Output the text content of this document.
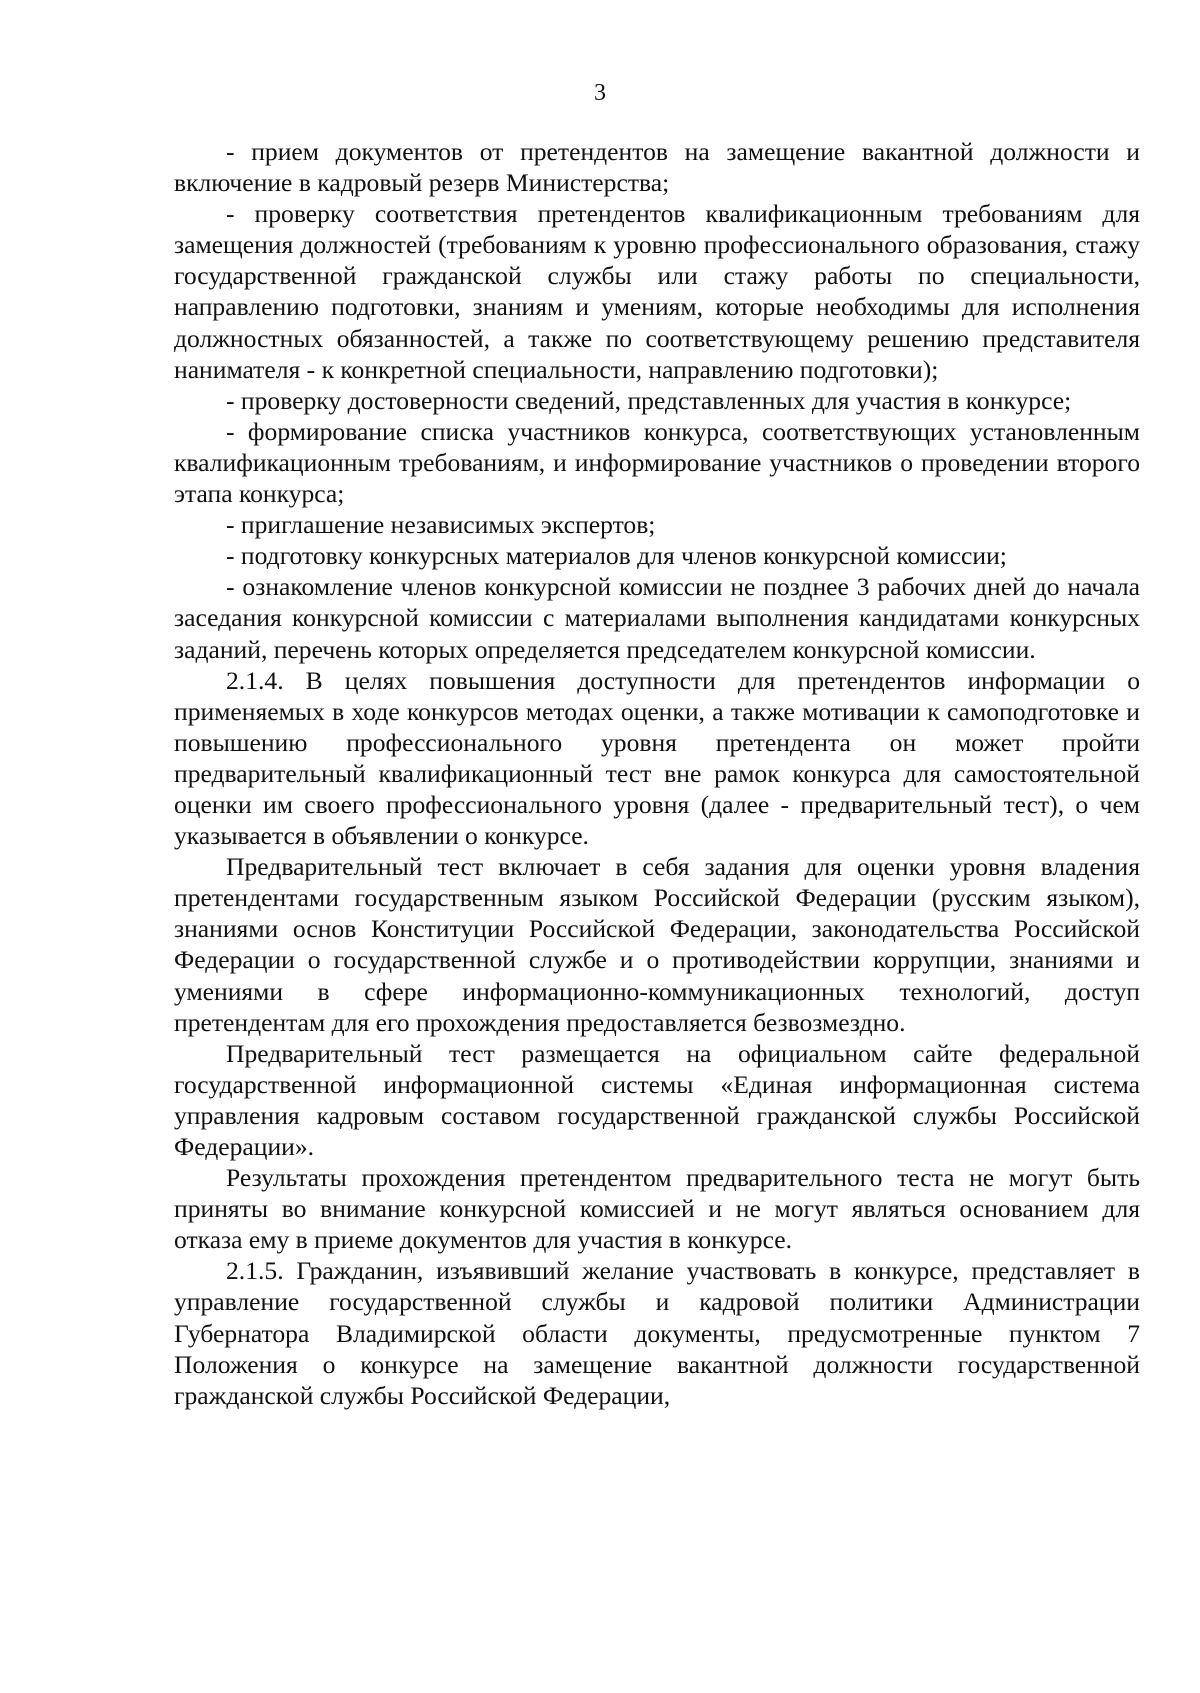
3

- прием документов от претендентов на замещение вакантной должности и включение в кадровый резерв Министерства;

- проверку соответствия претендентов квалификационным требованиям для замещения должностей (требованиям к уровню профессионального образования, стажу государственной гражданской службы или стажу работы по специальности, направлению подготовки, знаниям и умениям, которые необходимы для исполнения должностных обязанностей, а также по соответствующему решению представителя нанимателя - к конкретной специальности, направлению подготовки);

- проверку достоверности сведений, представленных для участия в конкурсе;

- формирование списка участников конкурса, соответствующих установленным квалификационным требованиям, и информирование участников о проведении второго этапа конкурса;

- приглашение независимых экспертов;

- подготовку конкурсных материалов для членов конкурсной комиссии;

- ознакомление членов конкурсной комиссии не позднее 3 рабочих дней до начала заседания конкурсной комиссии с материалами выполнения кандидатами конкурсных заданий, перечень которых определяется председателем конкурсной комиссии.

2.1.4. В целях повышения доступности для претендентов информации о применяемых в ходе конкурсов методах оценки, а также мотивации к самоподготовке и повышению профессионального уровня претендента он может пройти предварительный квалификационный тест вне рамок конкурса для самостоятельной оценки им своего профессионального уровня (далее - предварительный тест), о чем указывается в объявлении о конкурсе.

Предварительный тест включает в себя задания для оценки уровня владения претендентами государственным языком Российской Федерации (русским языком), знаниями основ Конституции Российской Федерации, законодательства Российской Федерации о государственной службе и о противодействии коррупции, знаниями и умениями в сфере информационно-коммуникационных технологий, доступ претендентам для его прохождения предоставляется безвозмездно.

Предварительный тест размещается на официальном сайте федеральной государственной информационной системы «Единая информационная система управления кадровым составом государственной гражданской службы Российской Федерации».

Результаты прохождения претендентом предварительного теста не могут быть приняты во внимание конкурсной комиссией и не могут являться основанием для отказа ему в приеме документов для участия в конкурсе.

2.1.5. Гражданин, изъявивший желание участвовать в конкурсе, представляет в управление государственной службы и кадровой политики Администрации Губернатора Владимирской области документы, предусмотренные пунктом 7 Положения о конкурсе на замещение вакантной должности государственной гражданской службы Российской Федерации,
